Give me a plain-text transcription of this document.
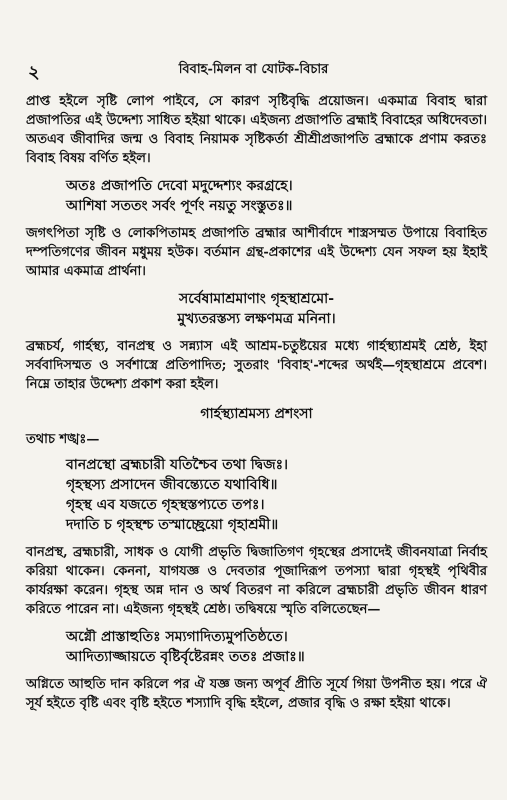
২	বিবাহ-মিলন বা যোটক-বিচার
প্রাপ্ত হইলে সৃষ্টি লোপ পাইবে, সে কারণ সৃষ্টিবৃদ্ধি প্রয়োজন। একমাত্র বিবাহ দ্বারা প্রজাপতির এই উদ্দেশ্য সাধিত হইয়া থাকে। এইজন্য প্রজাপতি ব্রহ্মাই বিবাহের অধিদেবতা। অতএব জীবাদির জন্ম ও বিবাহ নিয়ামক সৃষ্টিকর্তা শ্রীশ্রীপ্রজাপতি ব্রহ্মাকে প্রণাম করতঃ বিবাহ বিষয় বর্ণিত হইল।

অতঃ প্রজাপতি দেবো মদুদ্দেশ্যং করগ্রহে।

আশিষা সততং সর্বং পূর্ণং নয়তু সংস্তুতঃ॥

জগৎপিতা সৃষ্টি ও লোকপিতামহ প্রজাপতি ব্রহ্মার আশীর্বাদে শাস্ত্রসম্মত উপায়ে বিবাহিত দম্পতিগণের জীবন মধুময় হউক। বর্তমান গ্রন্থ-প্রকাশের এই উদ্দেশ্য যেন সফল হয় ইহাই আমার একমাত্র প্রার্থনা।

সর্বেষামাশ্রমাণাং গৃহস্থাশ্রমো-

মুখ্যতরস্তস্য লক্ষণমত্র মনিনা।

ব্রহ্মচর্য, গার্হস্থ্য, বানপ্রস্থ ও সন্ন্যাস এই আশ্রম-চতুষ্টয়ের মধ্যে গার্হস্থ্যাশ্রমই শ্রেষ্ঠ, ইহা সর্ববাদিসম্মত ও সর্বশাস্ত্রে প্রতিপাদিত; সুতরাং 'বিবাহ'-শব্দের অর্থই—গৃহস্থাশ্রমে প্রবেশ। নিম্নে তাহার উদ্দেশ্য প্রকাশ করা হইল।
গার্হস্থ্যাশ্রমস্য প্রশংসা
তথাচ শঙ্খঃ—

বানপ্রস্থো ব্রহ্মচারী যতিশ্চৈব তথা দ্বিজঃ।

গৃহস্থস্য প্রসাদেন জীবন্ত্যেতে যথাবিধি॥

গৃহস্থ এব যজতে গৃহস্থস্তপ্যতে তপঃ।

দদাতি চ গৃহস্থশ্চ তস্মাচ্ছ্রেয়ো গৃহাশ্রমী॥

বানপ্রস্থ, ব্রহ্মচারী, সাধক ও যোগী প্রভৃতি দ্বিজাতিগণ গৃহস্থের প্রসাদেই জীবনযাত্রা নির্বাহ করিয়া থাকেন। কেননা, যাগযজ্ঞ ও দেবতার পূজাদিরূপ তপস্যা দ্বারা গৃহস্থই পৃথিবীর কার্যরক্ষা করেন। গৃহস্থ অন্ন দান ও অর্থ বিতরণ না করিলে ব্রহ্মচারী প্রভৃতি জীবন ধারণ করিতে পারেন না। এইজন্য গৃহস্থই শ্রেষ্ঠ। তদ্বিষয়ে স্মৃতি বলিতেছেন—

অগ্নৌ প্রাস্তাহুতিঃ সম্যগাদিত্যমুপতিষ্ঠতে।

আদিত্যাজ্জায়তে বৃষ্টির্বৃষ্টেরন্নং ততঃ প্রজাঃ॥

অগ্নিতে আহুতি দান করিলে পর ঐ যজ্ঞ জন্য অপূর্ব প্রীতি সূর্যে গিয়া উপনীত হয়। পরে ঐ সূর্য হইতে বৃষ্টি এবং বৃষ্টি হইতে শস্যাদি বৃদ্ধি হইলে, প্রজার বৃদ্ধি ও রক্ষা হইয়া থাকে।
